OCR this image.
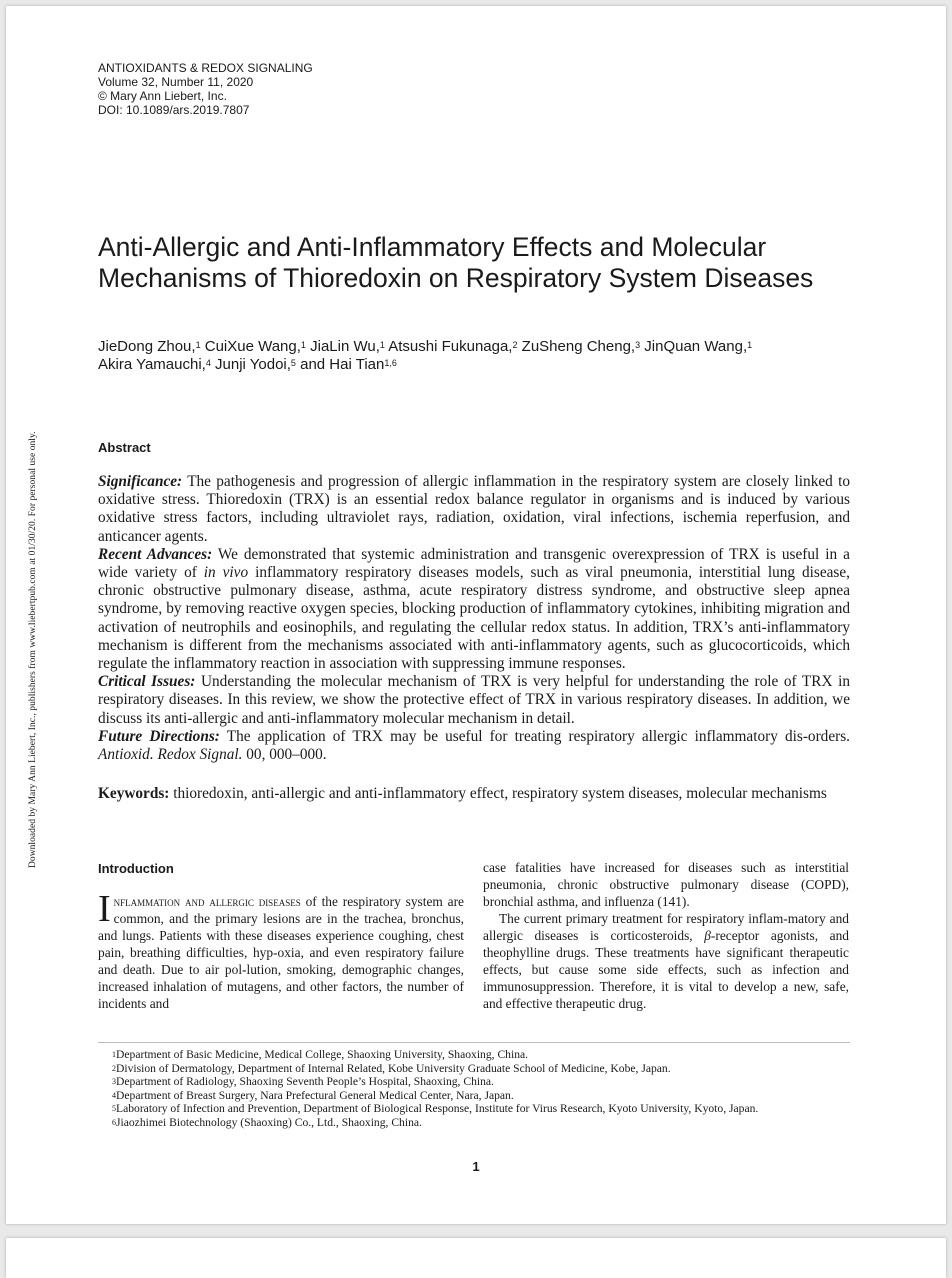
ANTIOXIDANTS & REDOX SIGNALING
Volume 32, Number 11, 2020
© Mary Ann Liebert, Inc.
DOI: 10.1089/ars.2019.7807
Anti-Allergic and Anti-Inflammatory Effects and Molecular
Mechanisms of Thioredoxin on Respiratory System Diseases
JieDong Zhou,$^1$ CuiXue Wang,$^1$ JiaLin Wu,$^1$ Atsushi Fukunaga,$^2$ ZuSheng Cheng,$^3$ JinQuan Wang,$^1$
Akira Yamauchi,$^4$ Junji Yodoi,$^5$ and Hai Tian$^{1,6}$
Downloaded by Mary Ann Liebert, Inc., publishers from www.liebertpub.com at 01/30/20. For personal use only.	Abstract

Significance: The pathogenesis and progression of allergic inflammation in the respiratory system are closely linked to oxidative stress. Thioredoxin (TRX) is an essential redox balance regulator in organisms and is induced by various oxidative stress factors, including ultraviolet rays, radiation, oxidation, viral infections, ischemia reperfusion, and anticancer agents.

Recent Advances: We demonstrated that systemic administration and transgenic overexpression of TRX is useful in a wide variety of in vivo inflammatory respiratory diseases models, such as viral pneumonia, interstitial lung disease, chronic obstructive pulmonary disease, asthma, acute respiratory distress syndrome, and obstructive sleep apnea syndrome, by removing reactive oxygen species, blocking production of inflammatory cytokines, inhibiting migration and activation of neutrophils and eosinophils, and regulating the cellular redox status. In addition, TRX’s anti-inflammatory mechanism is different from the mechanisms associated with anti-inflammatory agents, such as glucocorticoids, which regulate the inflammatory reaction in association with suppressing immune responses.

Critical Issues: Understanding the molecular mechanism of TRX is very helpful for understanding the role of TRX in respiratory diseases. In this review, we show the protective effect of TRX in various respiratory diseases. In addition, we discuss its anti-allergic and anti-inflammatory molecular mechanism in detail.

Future Directions: The application of TRX may be useful for treating respiratory allergic inflammatory dis-orders. Antioxid. Redox Signal. 00, 000–000.

Keywords: thioredoxin, anti-allergic and anti-inflammatory effect, respiratory system diseases, molecular mechanisms
Introduction

Inflammation and allergic diseases of the respiratory system are common, and the primary lesions are in the trachea, bronchus, and lungs. Patients with these diseases experience coughing, chest pain, breathing difficulties, hyp-oxia, and even respiratory failure and death. Due to air pol-lution, smoking, demographic changes, increased inhalation of mutagens, and other factors, the number of incidents and

case fatalities have increased for diseases such as interstitial pneumonia, chronic obstructive pulmonary disease (COPD), bronchial asthma, and influenza (141).

The current primary treatment for respiratory inflam-matory and allergic diseases is corticosteroids, β-receptor agonists, and theophylline drugs. These treatments have significant therapeutic effects, but cause some side effects, such as infection and immunosuppression. Therefore, it is vital to develop a new, safe, and effective therapeutic drug.

$^1$Department of Basic Medicine, Medical College, Shaoxing University, Shaoxing, China.
$^2$Division of Dermatology, Department of Internal Related, Kobe University Graduate School of Medicine, Kobe, Japan.
$^3$Department of Radiology, Shaoxing Seventh People’s Hospital, Shaoxing, China.
$^4$Department of Breast Surgery, Nara Prefectural General Medical Center, Nara, Japan.
$^5$Laboratory of Infection and Prevention, Department of Biological Response, Institute for Virus Research, Kyoto University, Kyoto, Japan.
$^6$Jiaozhimei Biotechnology (Shaoxing) Co., Ltd., Shaoxing, China.
1
